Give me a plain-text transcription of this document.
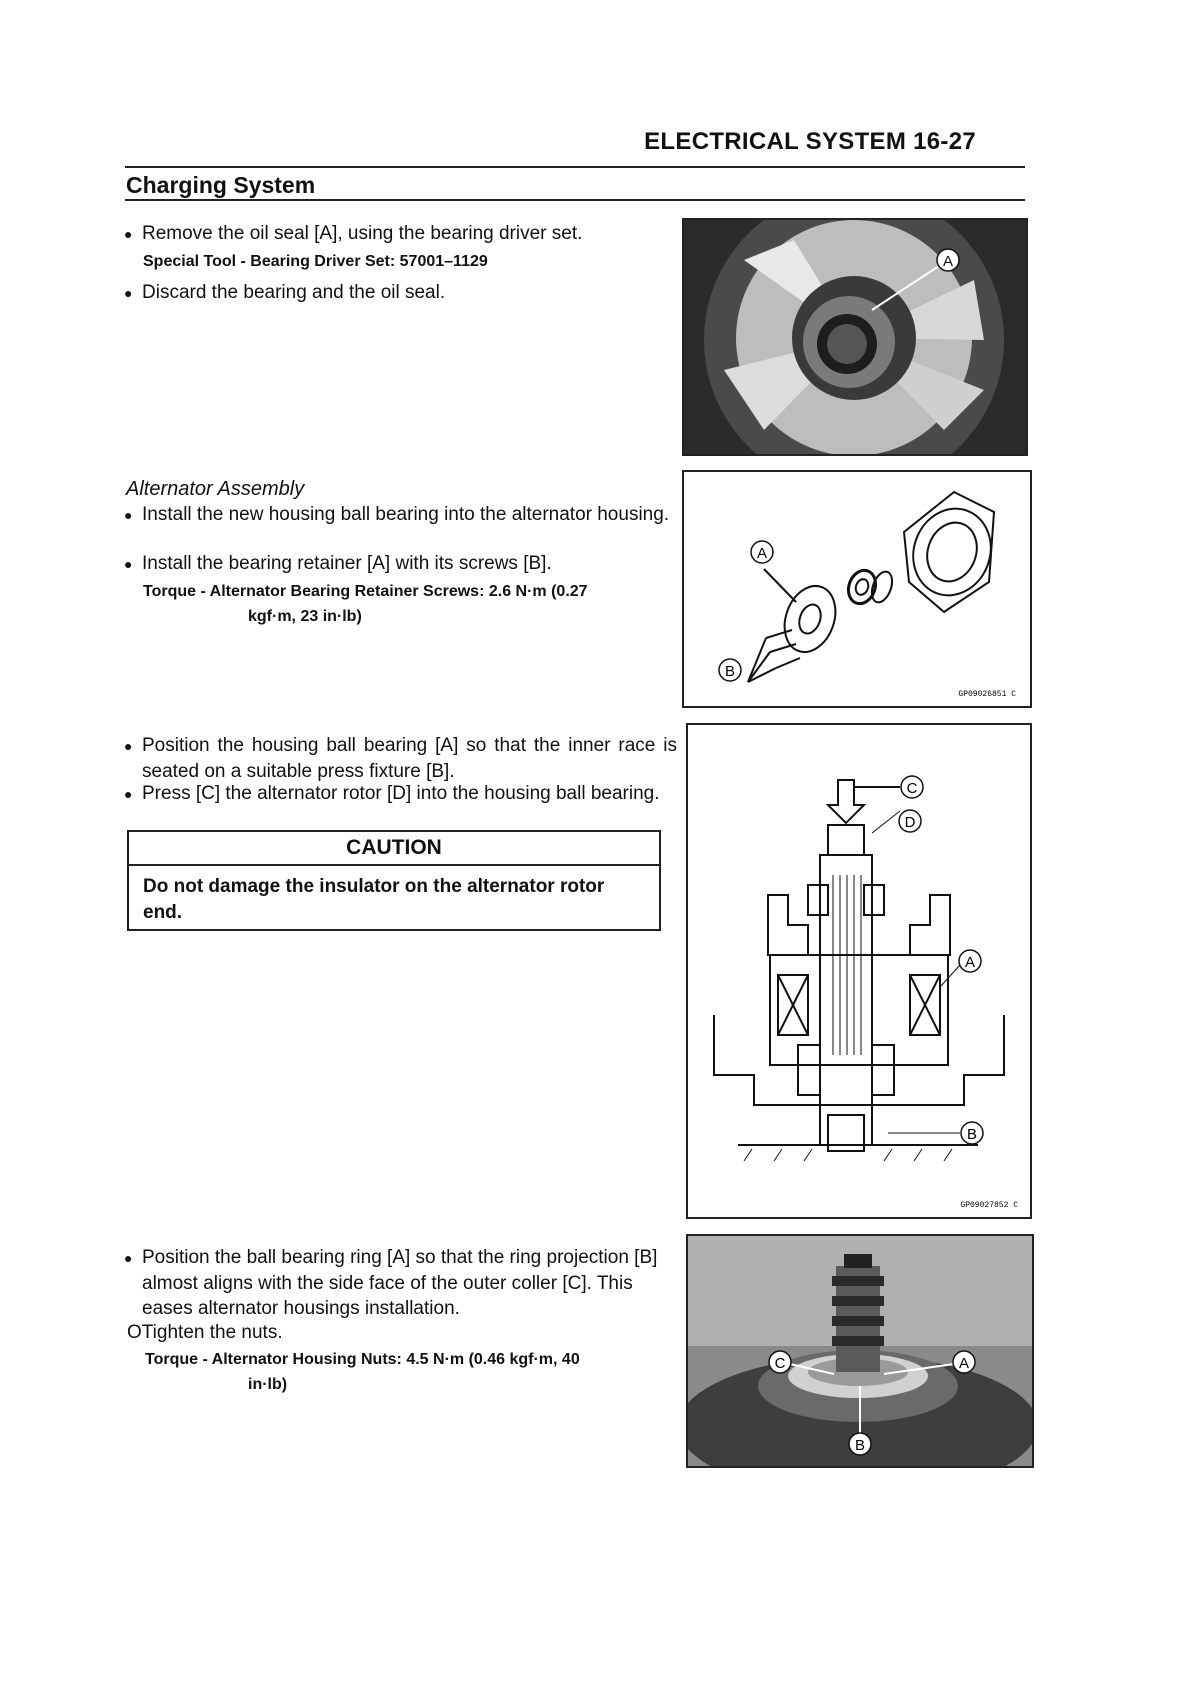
ELECTRICAL SYSTEM 16-27
Charging System
● Remove the oil seal [A], using the bearing driver set.
Special Tool - Bearing Driver Set: 57001–1129
● Discard the bearing and the oil seal.
Alternator Assembly
● Install the new housing ball bearing into the alternator housing.
● Install the bearing retainer [A] with its screws [B].
Torque - Alternator Bearing Retainer Screws: 2.6 N·m (0.27
kgf·m, 23 in·lb)
● Position the housing ball bearing [A] so that the inner race is seated on a suitable press fixture [B].
● Press [C] the alternator rotor [D] into the housing ball bearing.
CAUTION
Do not damage the insulator on the alternator rotor end.
● Position the ball bearing ring [A] so that the ring projection [B] almost aligns with the side face of the outer coller [C]. This eases alternator housings installation.
OTighten the nuts.
Torque - Alternator Housing Nuts: 4.5 N·m (0.46 kgf·m, 40
in·lb)
A
A
B
GP09026851 C
C
D
A
B
GP09027852 C
C	A
B
